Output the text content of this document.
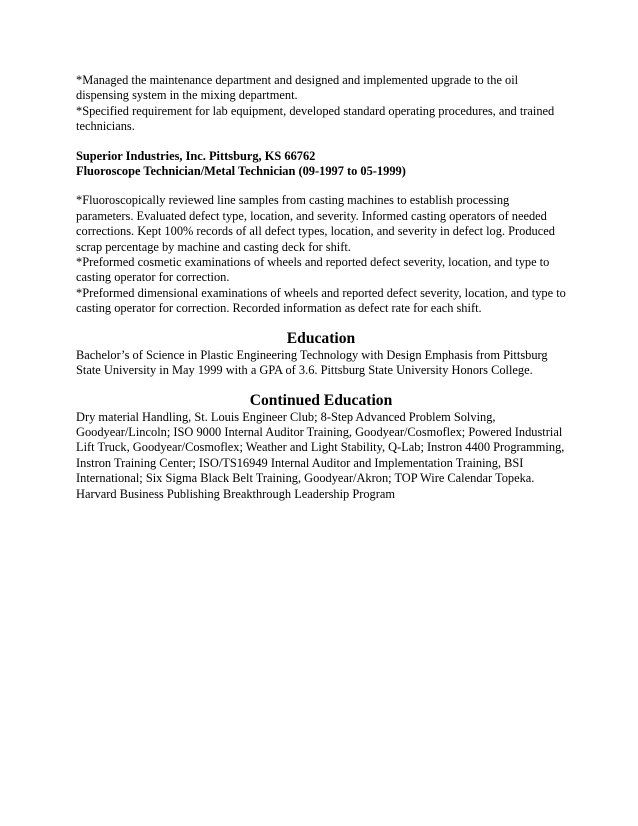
*Managed the maintenance department and designed and implemented upgrade to the oil dispensing system in the mixing department.

*Specified requirement for lab equipment, developed standard operating procedures, and trained technicians.

Superior Industries, Inc. Pittsburg, KS 66762

Fluoroscope Technician/Metal Technician (09-1997 to 05-1999)

*Fluoroscopically reviewed line samples from casting machines to establish processing parameters. Evaluated defect type, location, and severity. Informed casting operators of needed corrections. Kept 100% records of all defect types, location, and severity in defect log. Produced scrap percentage by machine and casting deck for shift.

*Preformed cosmetic examinations of wheels and reported defect severity, location, and type to casting operator for correction.

*Preformed dimensional examinations of wheels and reported defect severity, location, and type to casting operator for correction. Recorded information as defect rate for each shift.

Education

Bachelor’s of Science in Plastic Engineering Technology with Design Emphasis from Pittsburg State University in May 1999 with a GPA of 3.6. Pittsburg State University Honors College.

Continued Education

Dry material Handling, St. Louis Engineer Club; 8-Step Advanced Problem Solving, Goodyear/Lincoln; ISO 9000 Internal Auditor Training, Goodyear/Cosmoflex; Powered Industrial Lift Truck, Goodyear/Cosmoflex; Weather and Light Stability, Q-Lab; Instron 4400 Programming, Instron Training Center; ISO/TS16949 Internal Auditor and Implementation Training, BSI International; Six Sigma Black Belt Training, Goodyear/Akron; TOP Wire Calendar Topeka. Harvard Business Publishing Breakthrough Leadership Program
